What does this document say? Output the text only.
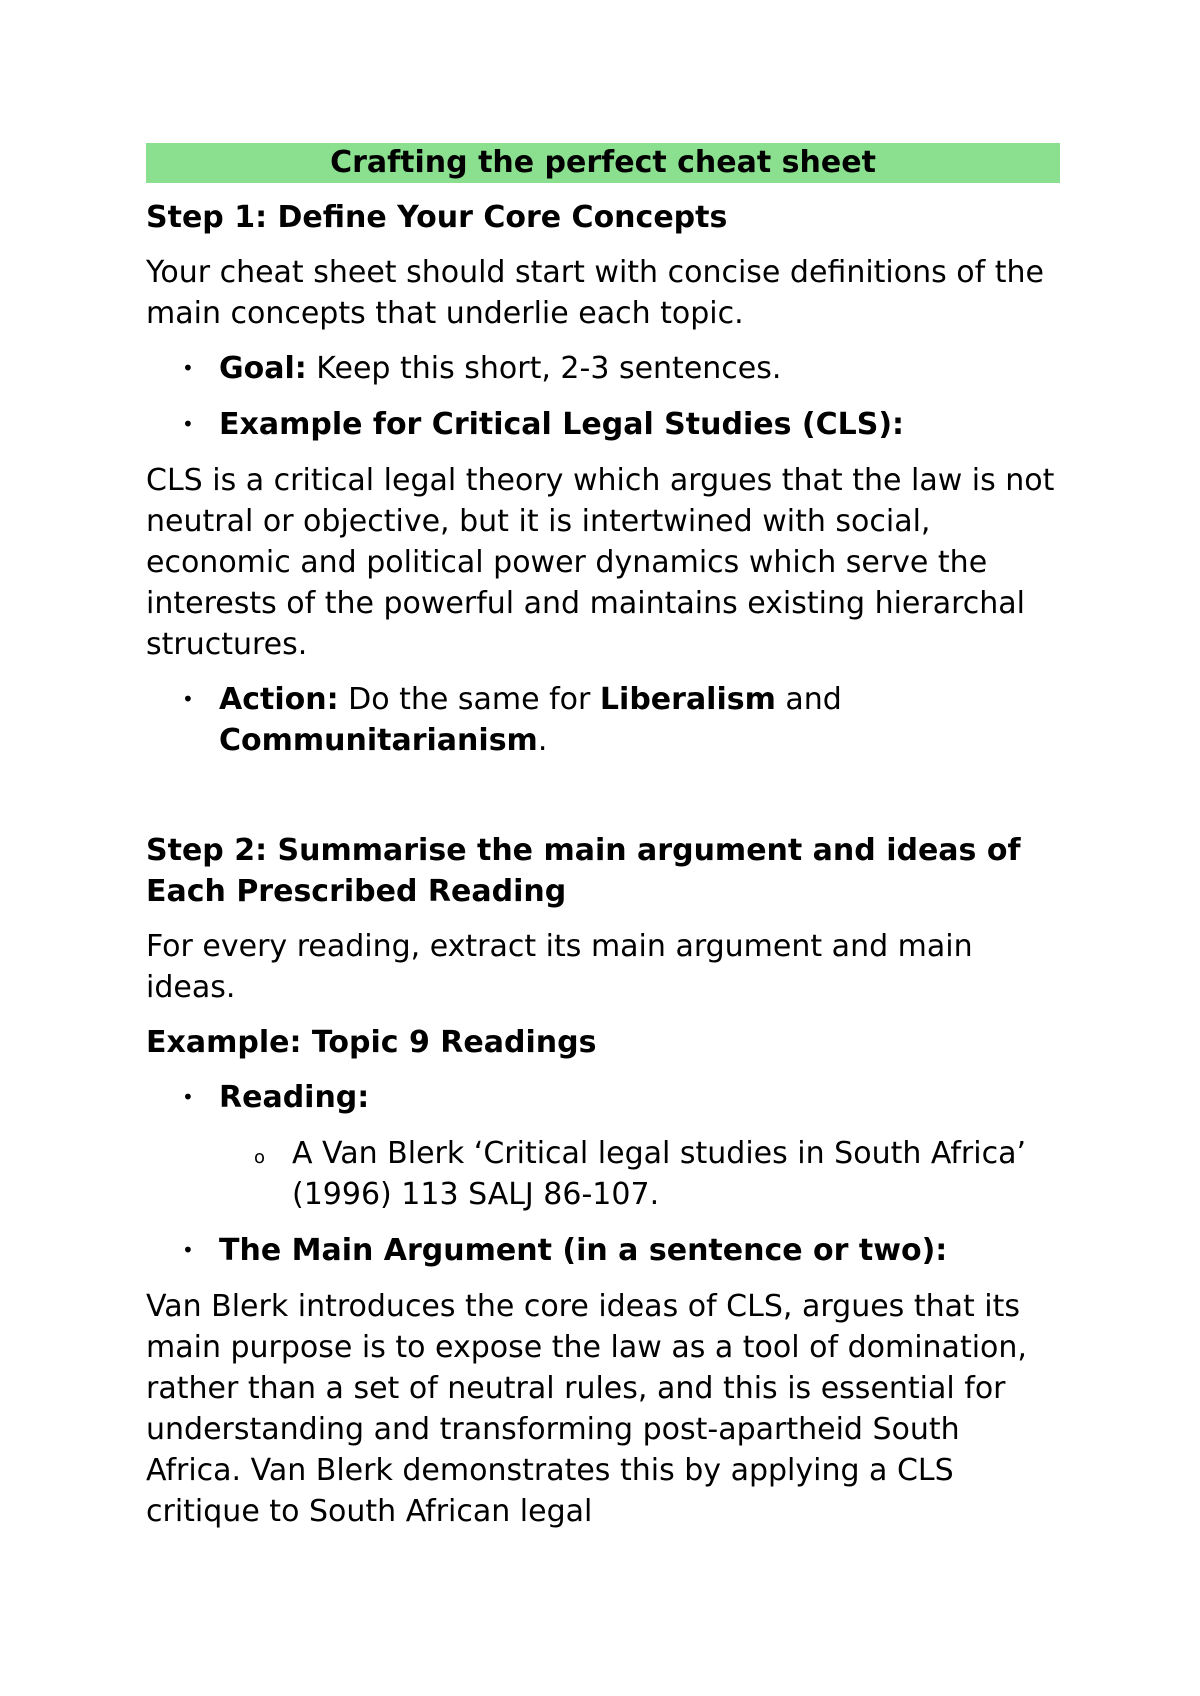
Crafting the perfect cheat sheet
Step 1: Define Your Core Concepts

Your cheat sheet should start with concise definitions of the main concepts that underlie each topic.

• Goal: Keep this short, 2-3 sentences.
• Example for Critical Legal Studies (CLS):

CLS is a critical legal theory which argues that the law is not neutral or objective, but it is intertwined with social, economic and political power dynamics which serve the interests of the powerful and maintains existing hierarchal structures.

• Action: Do the same for Liberalism and Communitarianism.
Step 2: Summarise the main argument and ideas of Each Prescribed Reading

For every reading, extract its main argument and main ideas.

Example: Topic 9 Readings
• Reading:
o A Van Blerk ‘Critical legal studies in South Africa’ (1996) 113 SALJ 86-107.
• The Main Argument (in a sentence or two):

Van Blerk introduces the core ideas of CLS, argues that its main purpose is to expose the law as a tool of domination, rather than a set of neutral rules, and this is essential for understanding and transforming post-apartheid South Africa. Van Blerk demonstrates this by applying a CLS critique to South African legal
